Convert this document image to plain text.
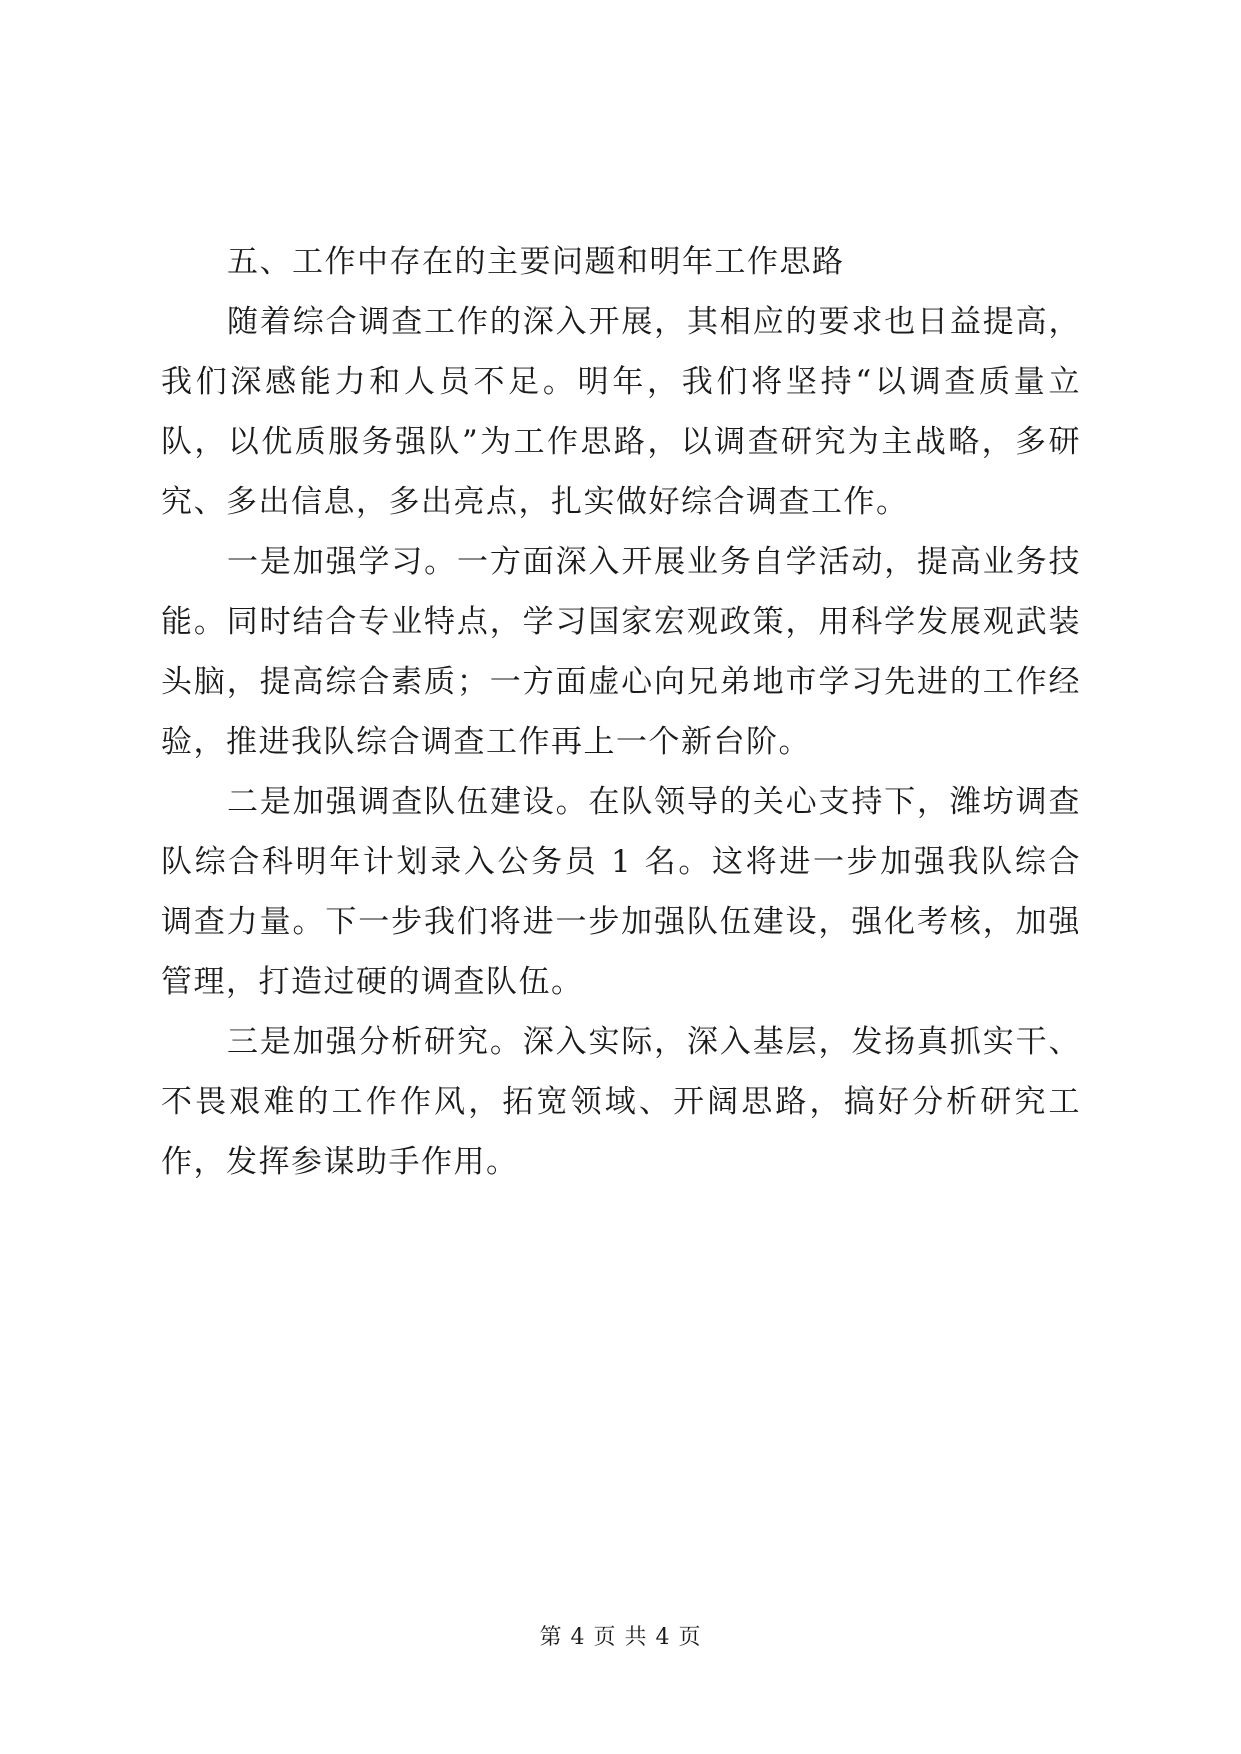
五、工作中存在的主要问题和明年工作思路

随着综合调查工作的深入开展，其相应的要求也日益提高，我们深感能力和人员不足。明年，我们将坚持“以调查质量立队，以优质服务强队”为工作思路，以调查研究为主战略，多研究、多出信息，多出亮点，扎实做好综合调查工作。

一是加强学习。一方面深入开展业务自学活动，提高业务技能。同时结合专业特点，学习国家宏观政策，用科学发展观武装头脑，提高综合素质；一方面虚心向兄弟地市学习先进的工作经验，推进我队综合调查工作再上一个新台阶。

二是加强调查队伍建设。在队领导的关心支持下，潍坊调查队综合科明年计划录入公务员 1 名。这将进一步加强我队综合调查力量。下一步我们将进一步加强队伍建设，强化考核，加强管理，打造过硬的调查队伍。

三是加强分析研究。深入实际，深入基层，发扬真抓实干、不畏艰难的工作作风，拓宽领域、开阔思路，搞好分析研究工作，发挥参谋助手作用。

第 4 页 共 4 页
